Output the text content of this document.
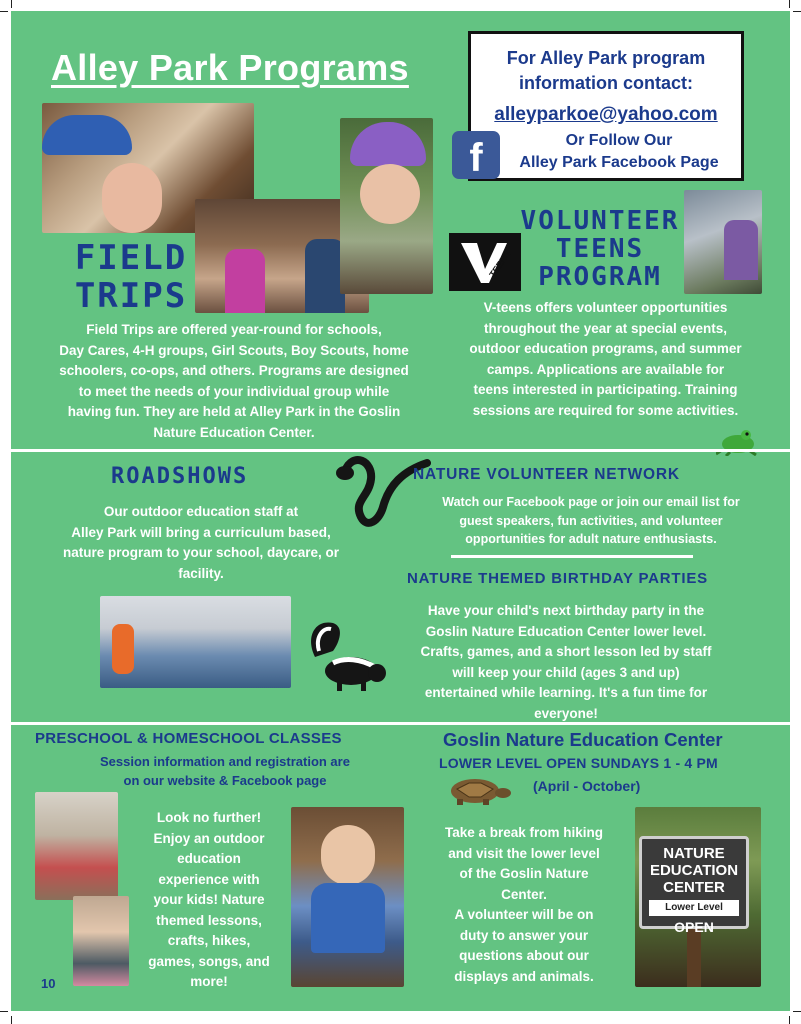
Alley Park Programs	For Alley Park program
information contact:
alleyparkoe@yahoo.com
Or Follow Our
Alley Park Facebook Page
f
FIELD
TRIPS
Field Trips are offered year-round for schools,
Day Cares, 4-H groups, Girl Scouts, Boy Scouts, home
schoolers, co-ops, and others. Programs are designed
to meet the needs of your individual group while
having fun. They are held at Alley Park in the Goslin
Nature Education Center.
TEENS
VOLUNTEER
TEENS
PROGRAM
V-teens offers volunteer opportunities
throughout the year at special events,
outdoor education programs, and summer
camps. Applications are available for
teens interested in participating. Training
sessions are required for some activities.
ROADSHOWS
Our outdoor education staff at
Alley Park will bring a curriculum based,
nature program to your school, daycare, or
facility.
NATURE VOLUNTEER NETWORK
Watch our Facebook page or join our email list for
guest speakers, fun activities, and volunteer
opportunities for adult nature enthusiasts.
NATURE THEMED BIRTHDAY PARTIES
Have your child's next birthday party in the
Goslin Nature Education Center lower level.
Crafts, games, and a short lesson led by staff
will keep your child (ages 3 and up)
entertained while learning. It's a fun time for
everyone!
PRESCHOOL & HOMESCHOOL CLASSES
Session information and registration are
on our website & Facebook page
10
Look no further!
Enjoy an outdoor
education
experience with
your kids! Nature
themed lessons,
crafts, hikes,
games, songs, and
more!
Goslin Nature Education Center
LOWER LEVEL OPEN SUNDAYS 1 - 4 PM
(April - October)
Take a break from hiking
and visit the lower level
of the Goslin Nature
Center.
A volunteer will be on
duty to answer your
questions about our
displays and animals.
NATURE
EDUCATION
CENTER
Lower Level
OPEN
